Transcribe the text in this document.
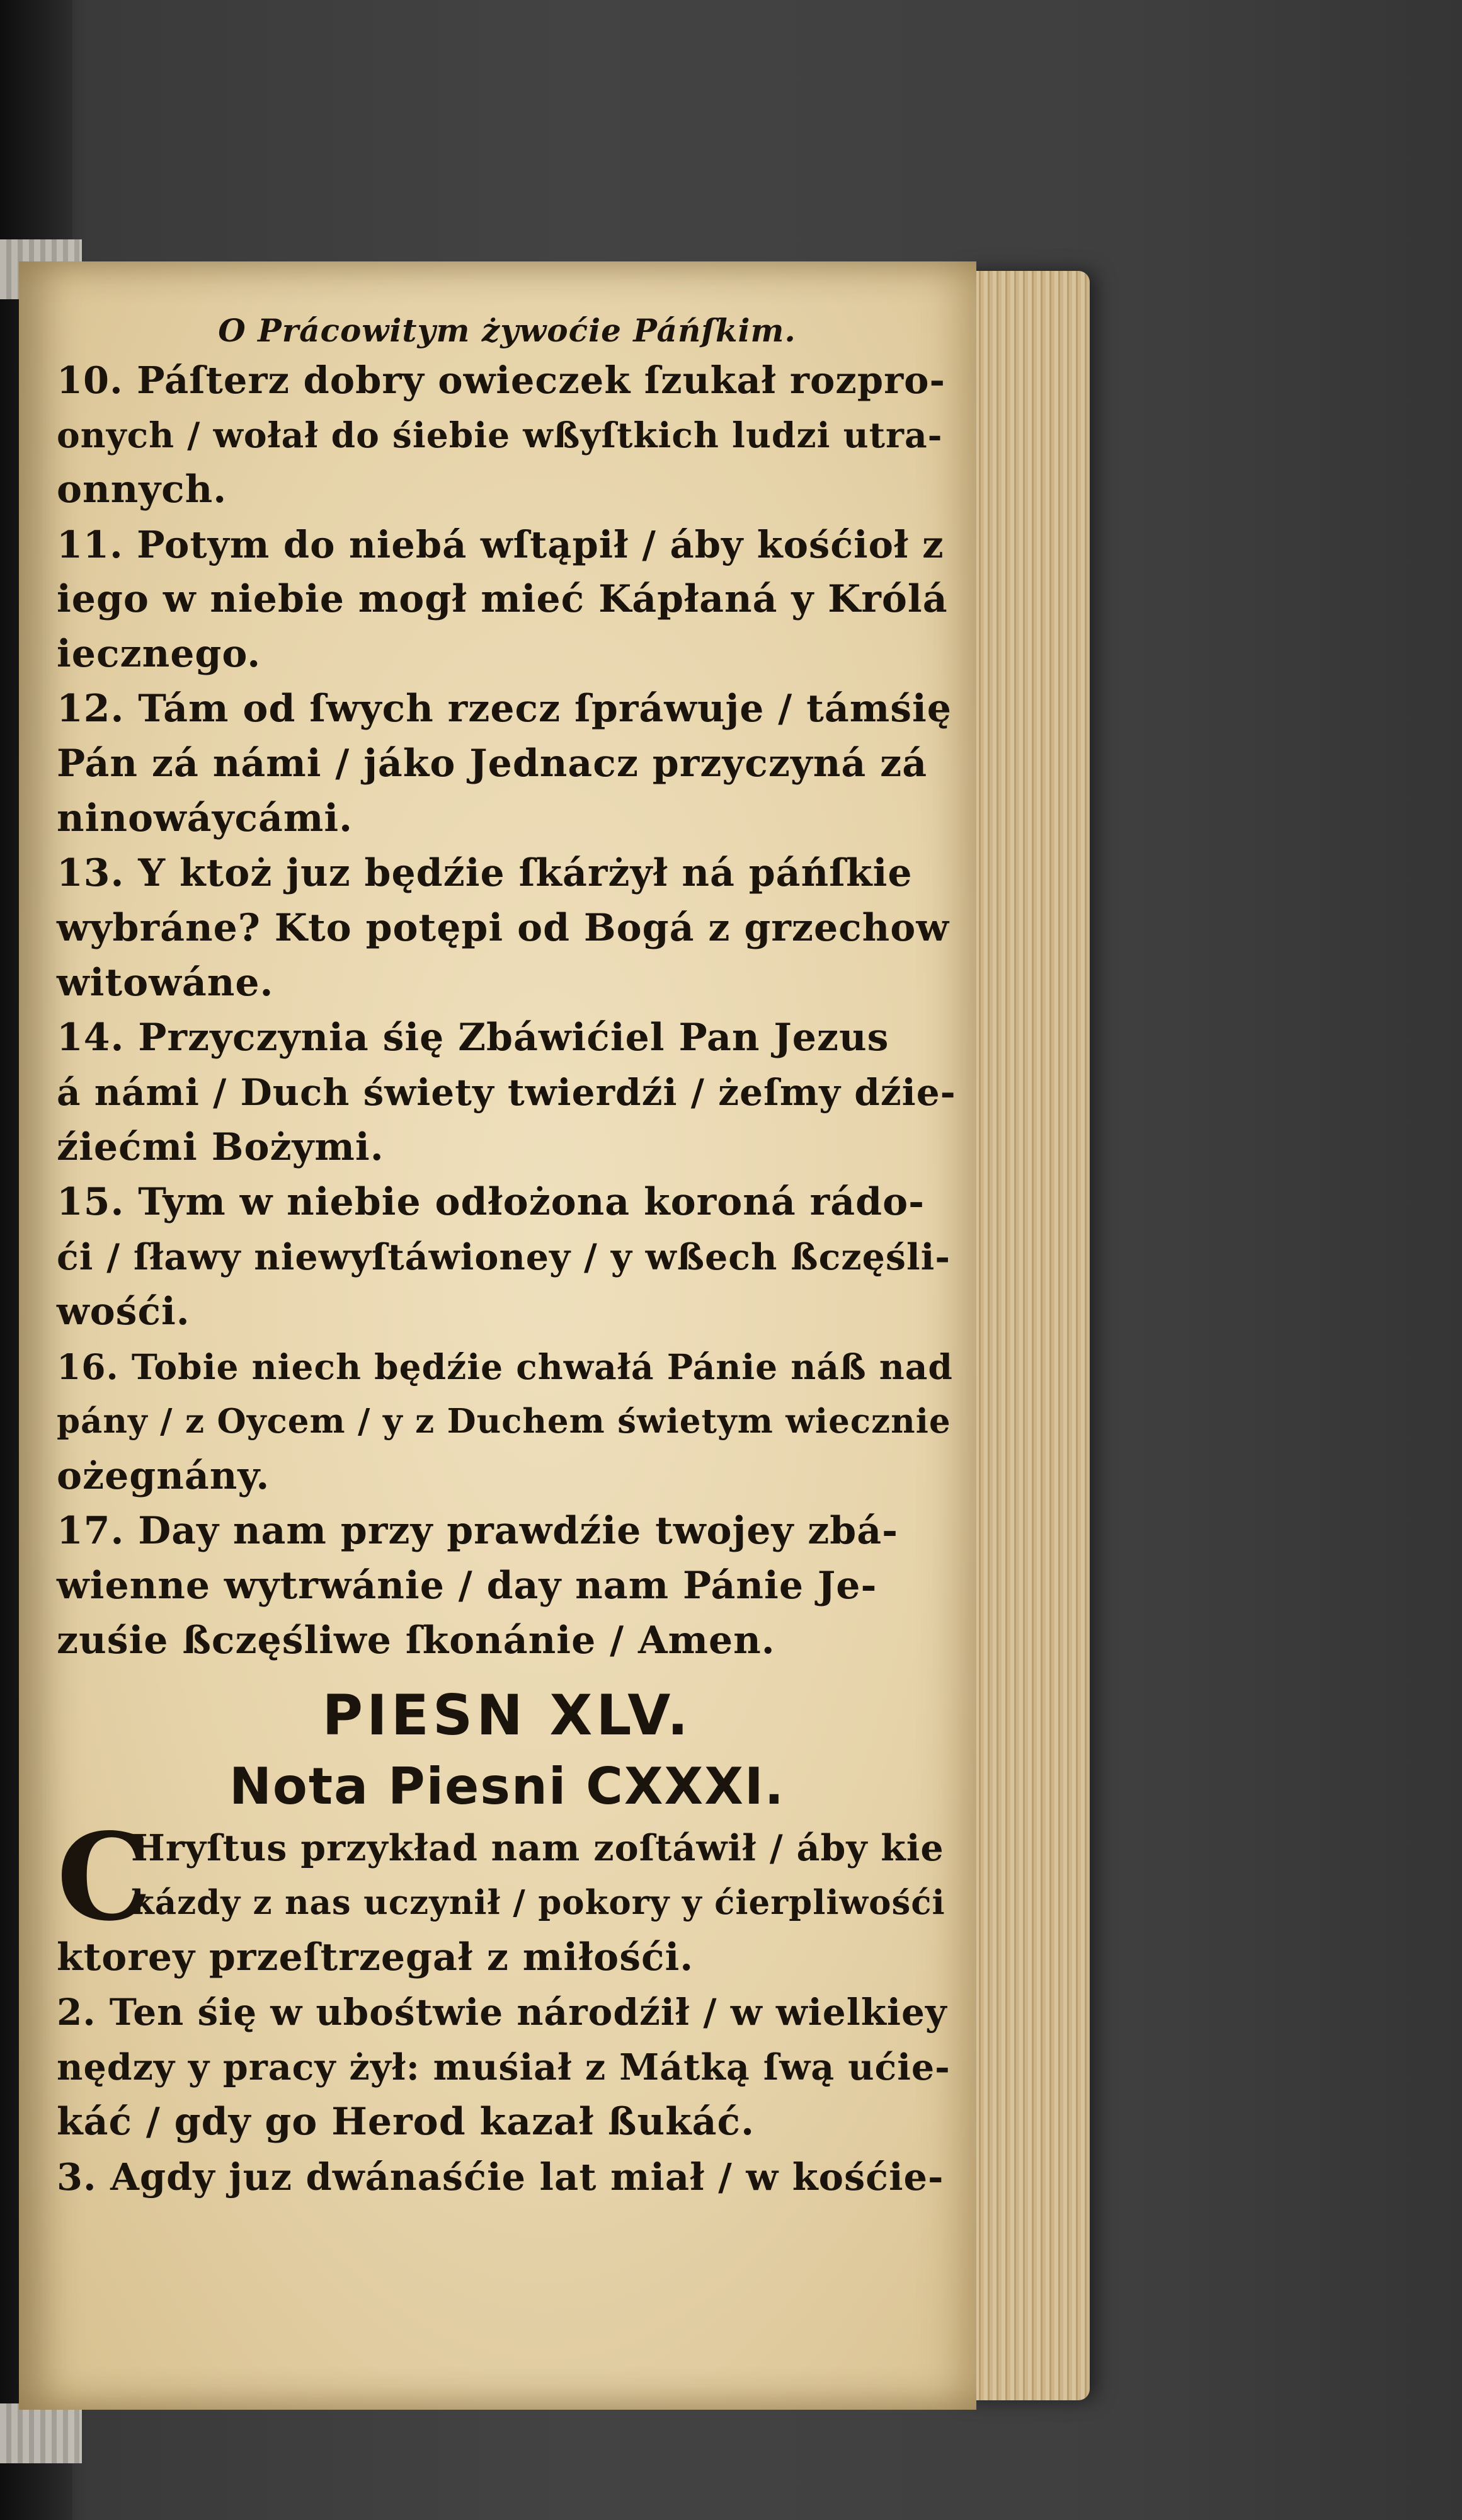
O Prácowitym żywoćie Páńſkim.
10. Páſterz dobry owieczek ſzukał rozpro-
onych / wołał do śiebie wßyſtkich ludzi utra-
onnych.
11. Potym do niebá wſtąpił / áby kośćioł z
iego w niebie mogł mieć Kápłaná y Królá
iecznego.
12. Tám od ſwych rzecz ſpráwuje / támśię
Pán zá námi / jáko Jednacz przyczyná zá
ninowáycámi.
13. Y ktoż juz będźie ſkárżył ná páńſkie
wybráne? Kto potępi od Bogá z grzechow
witowáne.
14. Przyczynia śię Zbáwićiel Pan Jezus
á námi / Duch świety twierdźi / żeſmy dźie-
źiećmi Bożymi.
15. Tym w niebie odłożona koroná rádo-
ći / ſławy niewyſtáwioney / y wßech ßczęśli-
wośći.
16. Tobie niech będźie chwałá Pánie náß nad
pány / z Oycem / y z Duchem świetym wiecznie
ożegnány.
17. Day nam przy prawdźie twojey zbá-
wienne wytrwánie / day nam Pánie Je-
zuśie ßczęśliwe ſkonánie / Amen.
PIESN XLV.
Nota Piesni CXXXI.
C
Hryſtus przykład nam zoſtáwił / áby kie
kázdy z nas uczynił / pokory y ćierpliwośći
ktorey przeſtrzegał z miłośći.
2. Ten śię w ubośtwie národźił / w wielkiey
nędzy y pracy żył: muśiał z Mátką ſwą ućie-
káć / gdy go Herod kazał ßukáć.
3. Agdy juz dwánaśćie lat miał / w kośćie-
